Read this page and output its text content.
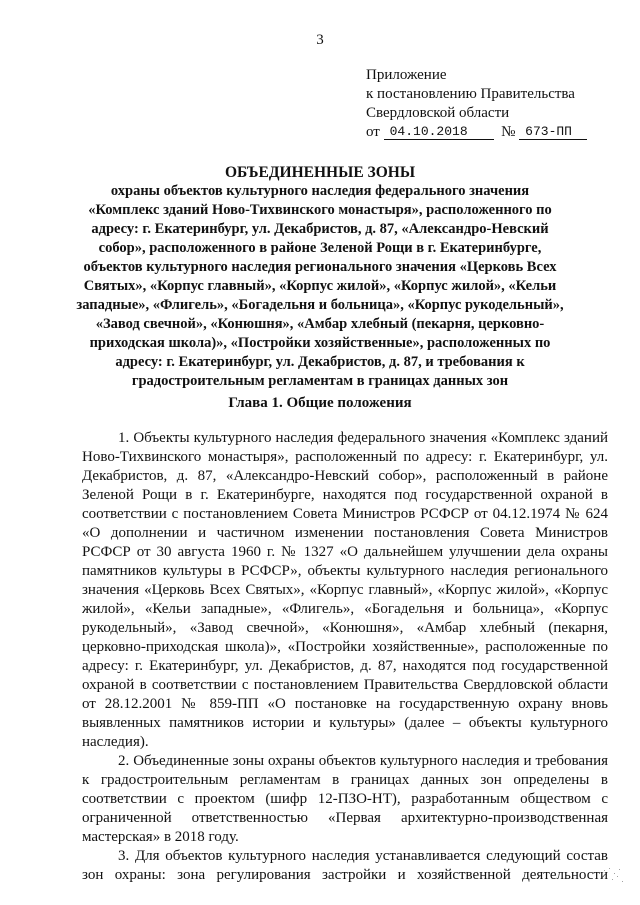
3
Приложение
к постановлению Правительства
Свердловской области
от 04.10.2018 № 673-ПП
ОБЪЕДИНЕННЫЕ ЗОНЫ
охраны объектов культурного наследия федерального значения «Комплекс зданий Ново-Тихвинского монастыря», расположенного по адресу: г. Екатеринбург, ул. Декабристов, д. 87, «Александро-Невский собор», расположенного в районе Зеленой Рощи в г. Екатеринбурге, объектов культурного наследия регионального значения «Церковь Всех Святых», «Корпус главный», «Корпус жилой», «Корпус жилой», «Кельи западные», «Флигель», «Богадельня и больница», «Корпус рукодельный», «Завод свечной», «Конюшня», «Амбар хлебный (пекарня, церковно-приходская школа)», «Постройки хозяйственные», расположенных по адресу: г. Екатеринбург, ул. Декабристов, д. 87, и требования к градостроительным регламентам в границах данных зон
Глава 1. Общие положения

1. Объекты культурного наследия федерального значения «Комплекс зданий Ново-Тихвинского монастыря», расположенный по адресу: г. Екатеринбург, ул. Декабристов, д. 87, «Александро-Невский собор», расположенный в районе Зеленой Рощи в г. Екатеринбурге, находятся под государственной охраной в соответствии с постановлением Совета Министров РСФСР от 04.12.1974 № 624 «О дополнении и частичном изменении постановления Совета Министров РСФСР от 30 августа 1960 г. № 1327 «О дальнейшем улучшении дела охраны памятников культуры в РСФСР», объекты культурного наследия регионального значения «Церковь Всех Святых», «Корпус главный», «Корпус жилой», «Корпус жилой», «Кельи западные», «Флигель», «Богадельня и больница», «Корпус рукодельный», «Завод свечной», «Конюшня», «Амбар хлебный (пекарня, церковно-приходская школа)», «Постройки хозяйственные», расположенные по адресу: г. Екатеринбург, ул. Декабристов, д. 87, находятся под государственной охраной в соответствии с постановлением Правительства Свердловской области от 28.12.2001 № 859-ПП «О постановке на государственную охрану вновь выявленных памятников истории и культуры» (далее – объекты культурного наследия).

2. Объединенные зоны охраны объектов культурного наследия и требования к градостроительным регламентам в границах данных зон определены в соответствии с проектом (шифр 12-ПЗО-НТ), разработанным обществом с ограниченной ответственностью «Первая архитектурно-производственная мастерская» в 2018 году.

3. Для объектов культурного наследия устанавливается следующий состав зон охраны: зона регулирования застройки и хозяйственной деятельности
